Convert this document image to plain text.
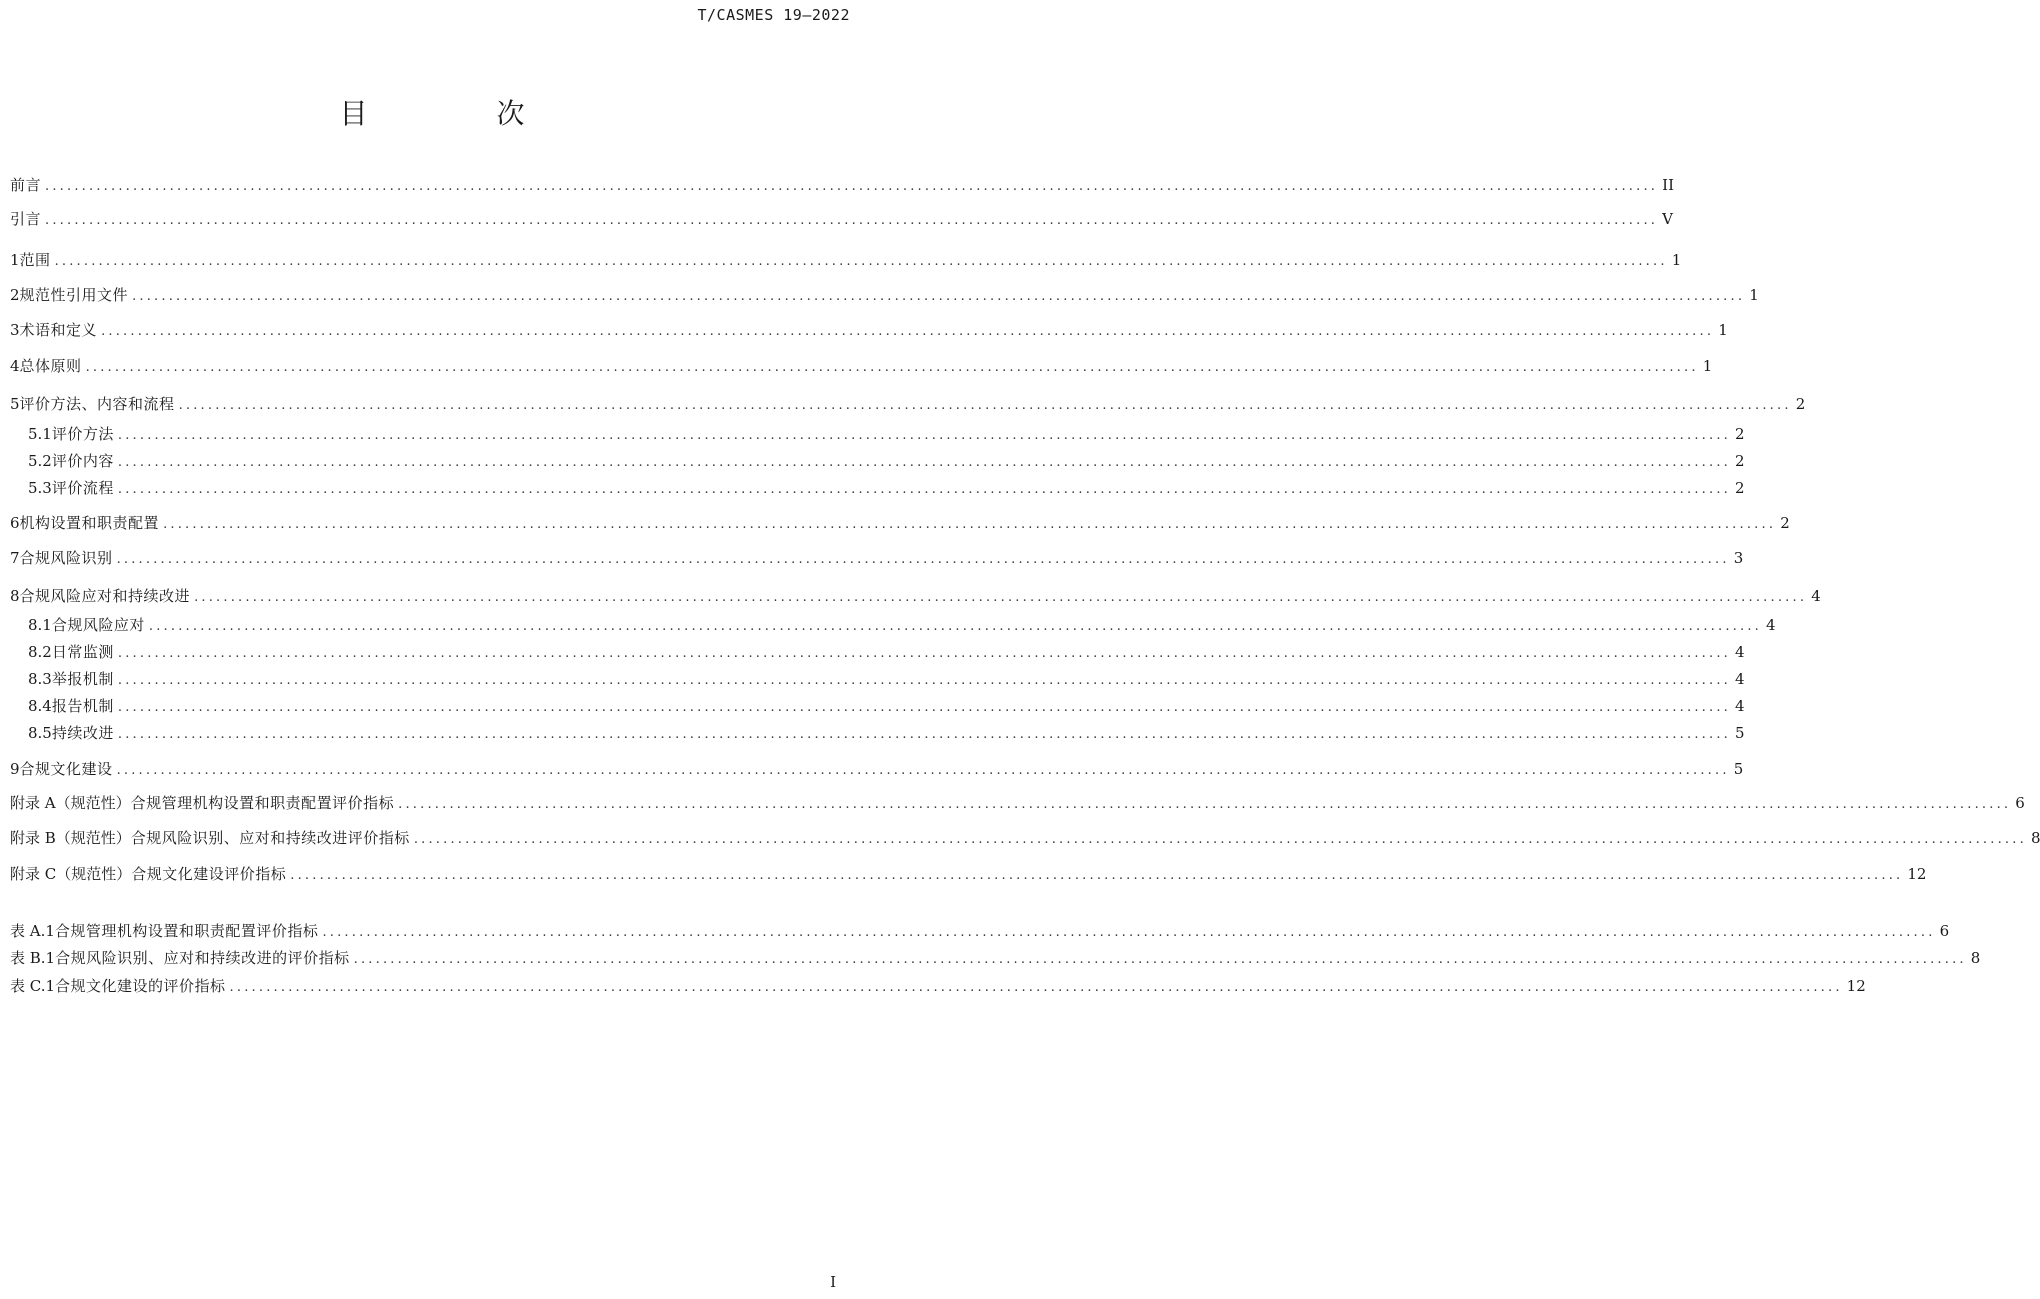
T/CASMES 19—2022
目 次
前言 ............................................................................................................................................................................................................................ II
引言 ............................................................................................................................................................................................................................ V
1 范围 ............................................................................................................................................................................................................................ 1
2 规范性引用文件 ............................................................................................................................................................................................................................ 1
3 术语和定义 ............................................................................................................................................................................................................................ 1
4 总体原则 ............................................................................................................................................................................................................................ 1
5 评价方法、内容和流程 ............................................................................................................................................................................................................................ 2
5.1 评价方法 ............................................................................................................................................................................................................................ 2
5.2 评价内容 ............................................................................................................................................................................................................................ 2
5.3 评价流程 ............................................................................................................................................................................................................................ 2
6 机构设置和职责配置 ............................................................................................................................................................................................................................ 2
7 合规风险识别 ............................................................................................................................................................................................................................ 3
8 合规风险应对和持续改进 ............................................................................................................................................................................................................................ 4
8.1 合规风险应对 ............................................................................................................................................................................................................................ 4
8.2 日常监测 ............................................................................................................................................................................................................................ 4
8.3 举报机制 ............................................................................................................................................................................................................................ 4
8.4 报告机制 ............................................................................................................................................................................................................................ 4
8.5 持续改进 ............................................................................................................................................................................................................................ 5
9 合规文化建设 ............................................................................................................................................................................................................................ 5
附录 A（规范性） 合规管理机构设置和职责配置评价指标 ............................................................................................................................................................................................................................ 6
附录 B（规范性） 合规风险识别、应对和持续改进评价指标 ............................................................................................................................................................................................................................ 8
附录 C（规范性） 合规文化建设评价指标 ............................................................................................................................................................................................................................ 12
表 A.1 合规管理机构设置和职责配置评价指标 ............................................................................................................................................................................................................................ 6
表 B.1 合规风险识别、应对和持续改进的评价指标 ............................................................................................................................................................................................................................ 8
表 C.1 合规文化建设的评价指标 ............................................................................................................................................................................................................................ 12
I
